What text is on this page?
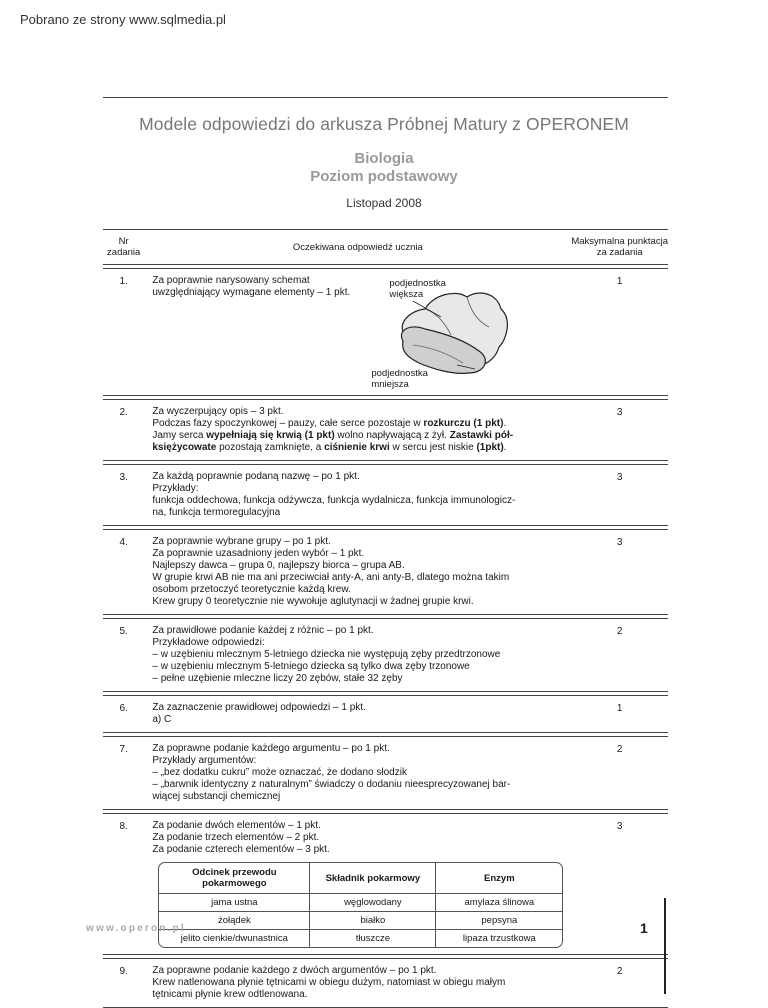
Pobrano ze strony www.sqlmedia.pl
Modele odpowiedzi do arkusza Próbnej Matury z OPERONEM
Biologia
Poziom podstawowy
Listopad 2008
Nr
zadania	Oczekiwana odpowiedź ucznia	Maksymalna punktacja
za zadania

1.	Za poprawnie narysowany schemat
uwzględniający wymagane elementy – 1 pkt.
podjednostka
większa
podjednostka
mniejsza
	1

2.	Za wyczerpujący opis – 3 pkt.
Podczas fazy spoczynkowej – pauzy, całe serce pozostaje w rozkurczu (1 pkt).
Jamy serca wypełniają się krwią (1 pkt) wolno napływającą z żył. Zastawki pół-
księżycowate pozostają zamknięte, a ciśnienie krwi w sercu jest niskie (1pkt).
	3

3.	Za każdą poprawnie podaną nazwę – po 1 pkt.
Przykłady:
funkcja oddechowa, funkcja odżywcza, funkcja wydalnicza, funkcja immunologicz-
na, funkcja termoregulacyjna
	3

4.	Za poprawnie wybrane grupy – po 1 pkt.
Za poprawnie uzasadniony jeden wybór – 1 pkt.
Najlepszy dawca – grupa 0, najlepszy biorca – grupa AB.
W grupie krwi AB nie ma ani przeciwciał anty-A, ani anty-B, dlatego można takim
osobom przetoczyć teoretycznie każdą krew.
Krew grupy 0 teoretycznie nie wywołuje aglutynacji w żadnej grupie krwi.
	3

5.	Za prawidłowe podanie każdej z różnic – po 1 pkt.
Przykładowe odpowiedzi:
– w uzębieniu mlecznym 5-letniego dziecka nie występują zęby przedtrzonowe
– w uzębieniu mlecznym 5-letniego dziecka są tylko dwa zęby trzonowe
– pełne uzębienie mleczne liczy 20 zębów, stałe 32 zęby
	2

6.	Za zaznaczenie prawidłowej odpowiedzi – 1 pkt.
a) C
	1

7.	Za poprawne podanie każdego argumentu – po 1 pkt.
Przykłady argumentów:
– „bez dodatku cukru” może oznaczać, że dodano słodzik
– „barwnik identyczny z naturalnym” świadczy o dodaniu nieesprecyzowanej bar-
wiącej substancji chemicznej
	2

8.	Za podanie dwóch elementów – 1 pkt.
Za podanie trzech elementów – 2 pkt.
Za podanie czterech elementów – 3 pkt.
Odcinek przewodu pokarmowego	Składnik pokarmowy	Enzym
jama ustna	węglowodany	amylaza ślinowa
żołądek	białko	pepsyna
jelito cienkie/dwunastnica	tłuszcze	lipaza trzustkowa
	3

9.	Za poprawne podanie każdego z dwóch argumentów – po 1 pkt.
Krew natlenowana płynie tętnicami w obiegu dużym, natomiast w obiegu małym
tętnicami płynie krew odtlenowana.
	2
www.operon.pl	1
